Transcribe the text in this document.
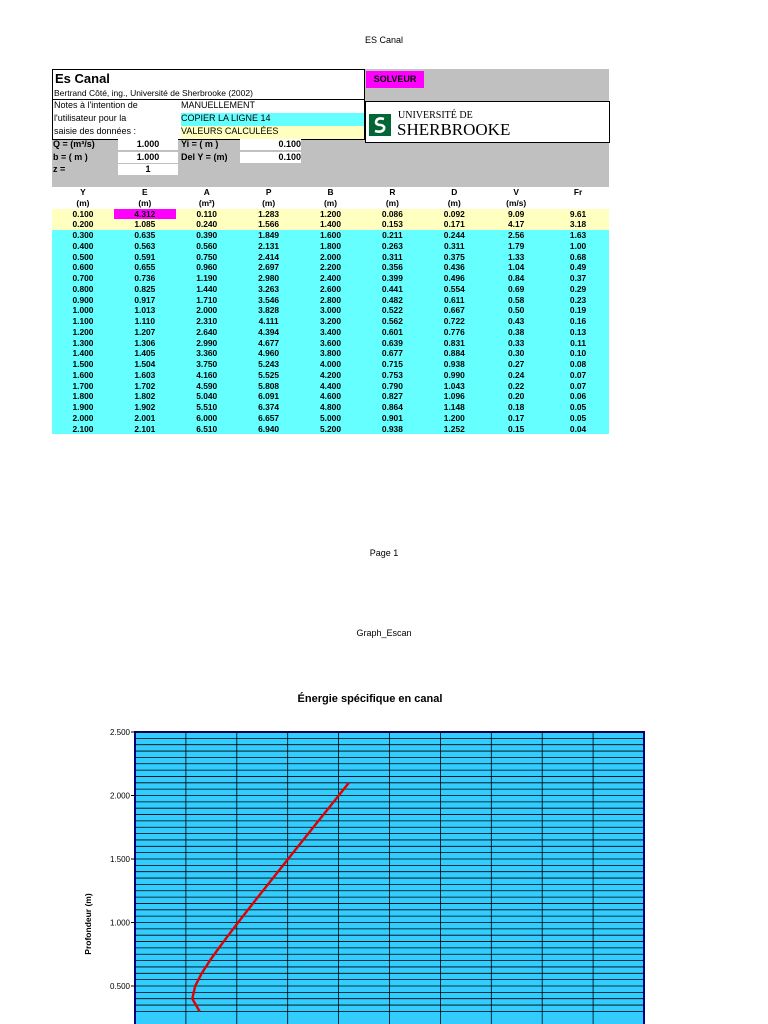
ES Canal
Es Canal
Bertrand Côté, ing., Université de Sherbrooke (2002)
Notes à l'intention de
l'utilisateur pour la
saisie des données :
MANUELLEMENT
COPIER LA LIGNE 14
VALEURS CALCULÉES
SOLVEUR
UNIVERSITÉ DE
SHERBROOKE
Q = (m³/s)	1.000
b = ( m )	1.000
z =	1
Yi = ( m )	0.100
Del Y = (m)	0.100
Y	E	A	P	B	R	D	V	Fr
(m)	(m)	(m²)	(m)	(m)	(m)	(m)	(m/s)	
0.100	4.312	0.110	1.283	1.200	0.086	0.092	9.09	9.61
0.200	1.085	0.240	1.566	1.400	0.153	0.171	4.17	3.18
0.300	0.635	0.390	1.849	1.600	0.211	0.244	2.56	1.63
0.400	0.563	0.560	2.131	1.800	0.263	0.311	1.79	1.00
0.500	0.591	0.750	2.414	2.000	0.311	0.375	1.33	0.68
0.600	0.655	0.960	2.697	2.200	0.356	0.436	1.04	0.49
0.700	0.736	1.190	2.980	2.400	0.399	0.496	0.84	0.37
0.800	0.825	1.440	3.263	2.600	0.441	0.554	0.69	0.29
0.900	0.917	1.710	3.546	2.800	0.482	0.611	0.58	0.23
1.000	1.013	2.000	3.828	3.000	0.522	0.667	0.50	0.19
1.100	1.110	2.310	4.111	3.200	0.562	0.722	0.43	0.16
1.200	1.207	2.640	4.394	3.400	0.601	0.776	0.38	0.13
1.300	1.306	2.990	4.677	3.600	0.639	0.831	0.33	0.11
1.400	1.405	3.360	4.960	3.800	0.677	0.884	0.30	0.10
1.500	1.504	3.750	5.243	4.000	0.715	0.938	0.27	0.08
1.600	1.603	4.160	5.525	4.200	0.753	0.990	0.24	0.07
1.700	1.702	4.590	5.808	4.400	0.790	1.043	0.22	0.07
1.800	1.802	5.040	6.091	4.600	0.827	1.096	0.20	0.06
1.900	1.902	5.510	6.374	4.800	0.864	1.148	0.18	0.05
2.000	2.001	6.000	6.657	5.000	0.901	1.200	0.17	0.05
2.100	2.101	6.510	6.940	5.200	0.938	1.252	0.15	0.04
Page 1
Graph_Escan
Énergie spécifique en canal
2.500
2.000
1.500
1.000
0.500
Profondeur (m)
